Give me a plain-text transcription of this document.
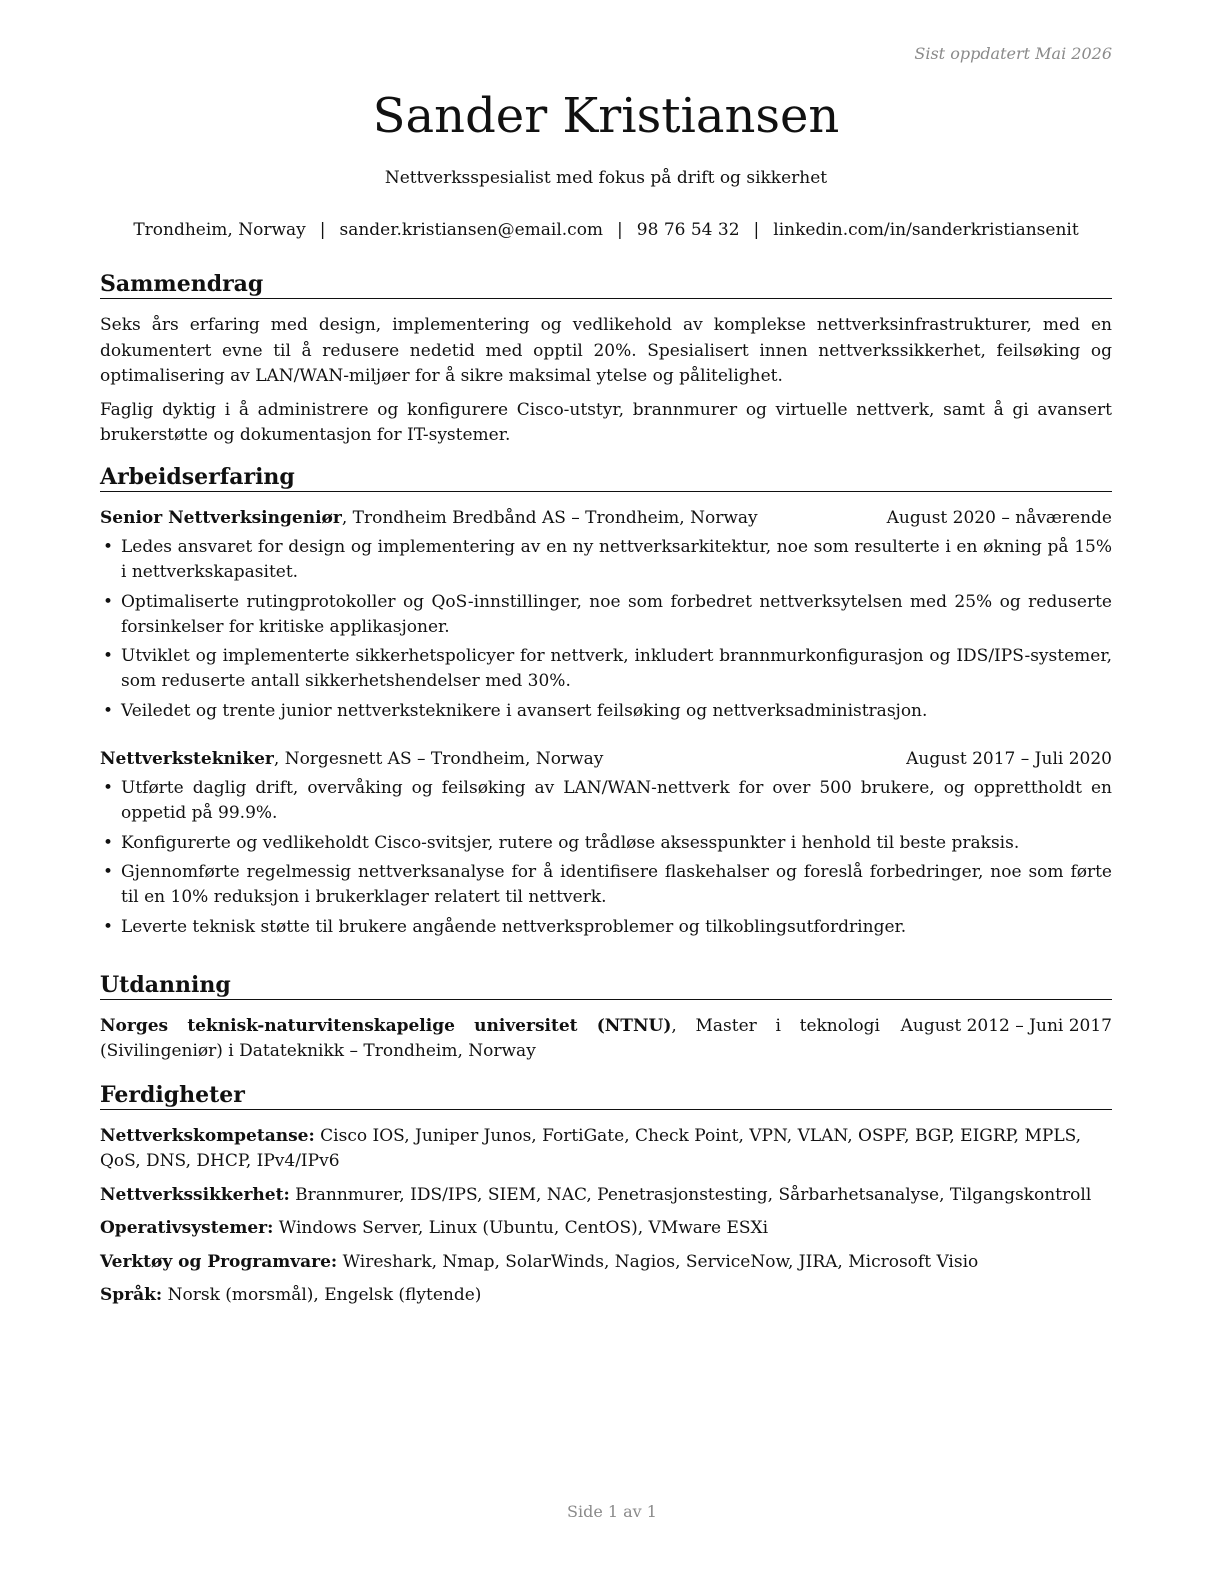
Sist oppdatert Mai 2026
Sander Kristiansen
Nettverksspesialist med fokus på drift og sikkerhet
Trondheim, Norway | sander.kristiansen@email.com | 98 76 54 32 | linkedin.com/in/sanderkristiansenit
Sammendrag

Seks års erfaring med design, implementering og vedlikehold av komplekse nettverksinfrastrukturer, med en dokumentert evne til å redusere nedetid med opptil 20%. Spesialisert innen nettverkssikkerhet, feilsøking og optimalisering av LAN/WAN-miljøer for å sikre maksimal ytelse og pålitelighet.

Faglig dyktig i å administrere og konfigurere Cisco-utstyr, brannmurer og virtuelle nettverk, samt å gi avansert brukerstøtte og dokumentasjon for IT-systemer.

Arbeidserfaring
Senior Nettverksingeniør, Trondheim Bredbånd AS – Trondheim, Norway	August 2020 – nåværende
• Ledes ansvaret for design og implementering av en ny nettverksarkitektur, noe som resulterte i en økning på 15% i nettverkskapasitet.
• Optimaliserte rutingprotokoller og QoS-innstillinger, noe som forbedret nettverksytelsen med 25% og reduserte forsinkelser for kritiske applikasjoner.
• Utviklet og implementerte sikkerhetspolicyer for nettverk, inkludert brannmurkonfigurasjon og IDS/IPS-systemer, som reduserte antall sikkerhetshendelser med 30%.
• Veiledet og trente junior nettverksteknikere i avansert feilsøking og nettverksadministrasjon.
Nettverkstekniker, Norgesnett AS – Trondheim, Norway	August 2017 – Juli 2020
• Utførte daglig drift, overvåking og feilsøking av LAN/WAN-nettverk for over 500 brukere, og opprettholdt en oppetid på 99.9%.
• Konfigurerte og vedlikeholdt Cisco-svitsjer, rutere og trådløse aksesspunkter i henhold til beste praksis.
• Gjennomførte regelmessig nettverksanalyse for å identifisere flaskehalser og foreslå forbedringer, noe som førte til en 10% reduksjon i brukerklager relatert til nettverk.
• Leverte teknisk støtte til brukere angående nettverksproblemer og tilkoblingsutfordringer.
Utdanning
Norges teknisk-naturvitenskapelige universitet (NTNU), Master i teknologi (Sivilingeniør) i Datateknikk – Trondheim, Norway
August 2012 – Juni 2017
Ferdigheter
Nettverkskompetanse: Cisco IOS, Juniper Junos, FortiGate, Check Point, VPN, VLAN, OSPF, BGP, EIGRP, MPLS, QoS, DNS, DHCP, IPv4/IPv6
Nettverkssikkerhet: Brannmurer, IDS/IPS, SIEM, NAC, Penetrasjonstesting, Sårbarhetsanalyse, Tilgangskontroll
Operativsystemer: Windows Server, Linux (Ubuntu, CentOS), VMware ESXi
Verktøy og Programvare: Wireshark, Nmap, SolarWinds, Nagios, ServiceNow, JIRA, Microsoft Visio
Språk: Norsk (morsmål), Engelsk (flytende)
Side 1 av 1
